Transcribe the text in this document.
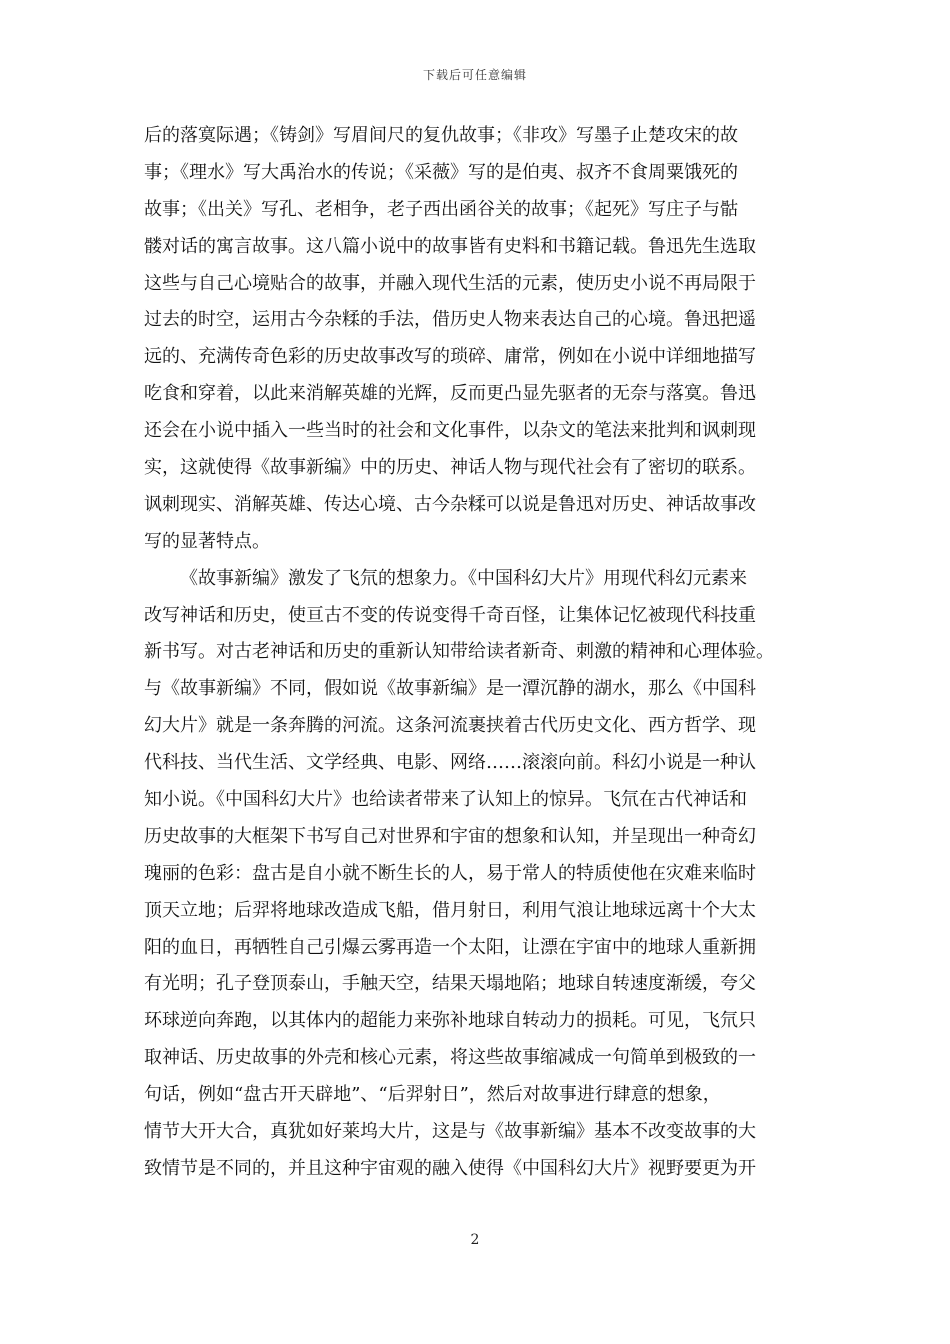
下载后可任意编辑
后的落寞际遇；《铸剑》写眉间尺的复仇故事；《非攻》写墨子止楚攻宋的故
事；《理水》写大禹治水的传说；《采薇》写的是伯夷、叔齐不食周粟饿死的
故事；《出关》写孔、老相争，老子西出函谷关的故事；《起死》写庄子与骷
髅对话的寓言故事。这八篇小说中的故事皆有史料和书籍记载。鲁迅先生选取
这些与自己心境贴合的故事，并融入现代生活的元素，使历史小说不再局限于
过去的时空，运用古今杂糅的手法，借历史人物来表达自己的心境。鲁迅把遥
远的、充满传奇色彩的历史故事改写的琐碎、庸常，例如在小说中详细地描写
吃食和穿着，以此来消解英雄的光辉，反而更凸显先驱者的无奈与落寞。鲁迅
还会在小说中插入一些当时的社会和文化事件，以杂文的笔法来批判和讽刺现
实，这就使得《故事新编》中的历史、神话人物与现代社会有了密切的联系。
讽刺现实、消解英雄、传达心境、古今杂糅可以说是鲁迅对历史、神话故事改
写的显著特点。
《故事新编》激发了飞氘的想象力。《中国科幻大片》用现代科幻元素来
改写神话和历史，使亘古不变的传说变得千奇百怪，让集体记忆被现代科技重
新书写。对古老神话和历史的重新认知带给读者新奇、刺激的精神和心理体验。
与《故事新编》不同，假如说《故事新编》是一潭沉静的湖水，那么《中国科
幻大片》就是一条奔腾的河流。这条河流裹挟着古代历史文化、西方哲学、现
代科技、当代生活、文学经典、电影、网络……滚滚向前。科幻小说是一种认
知小说。《中国科幻大片》也给读者带来了认知上的惊异。飞氘在古代神话和
历史故事的大框架下书写自己对世界和宇宙的想象和认知，并呈现出一种奇幻
瑰丽的色彩：盘古是自小就不断生长的人，易于常人的特质使他在灾难来临时
顶天立地；后羿将地球改造成飞船，借月射日，利用气浪让地球远离十个大太
阳的血日，再牺牲自己引爆云雾再造一个太阳，让漂在宇宙中的地球人重新拥
有光明；孔子登顶泰山，手触天空，结果天塌地陷；地球自转速度渐缓，夸父
环球逆向奔跑，以其体内的超能力来弥补地球自转动力的损耗。可见，飞氘只
取神话、历史故事的外壳和核心元素，将这些故事缩减成一句简单到极致的一
句话，例如“盘古开天辟地”、“后羿射日”，然后对故事进行肆意的想象，
情节大开大合，真犹如好莱坞大片，这是与《故事新编》基本不改变故事的大
致情节是不同的，并且这种宇宙观的融入使得《中国科幻大片》视野要更为开
2
